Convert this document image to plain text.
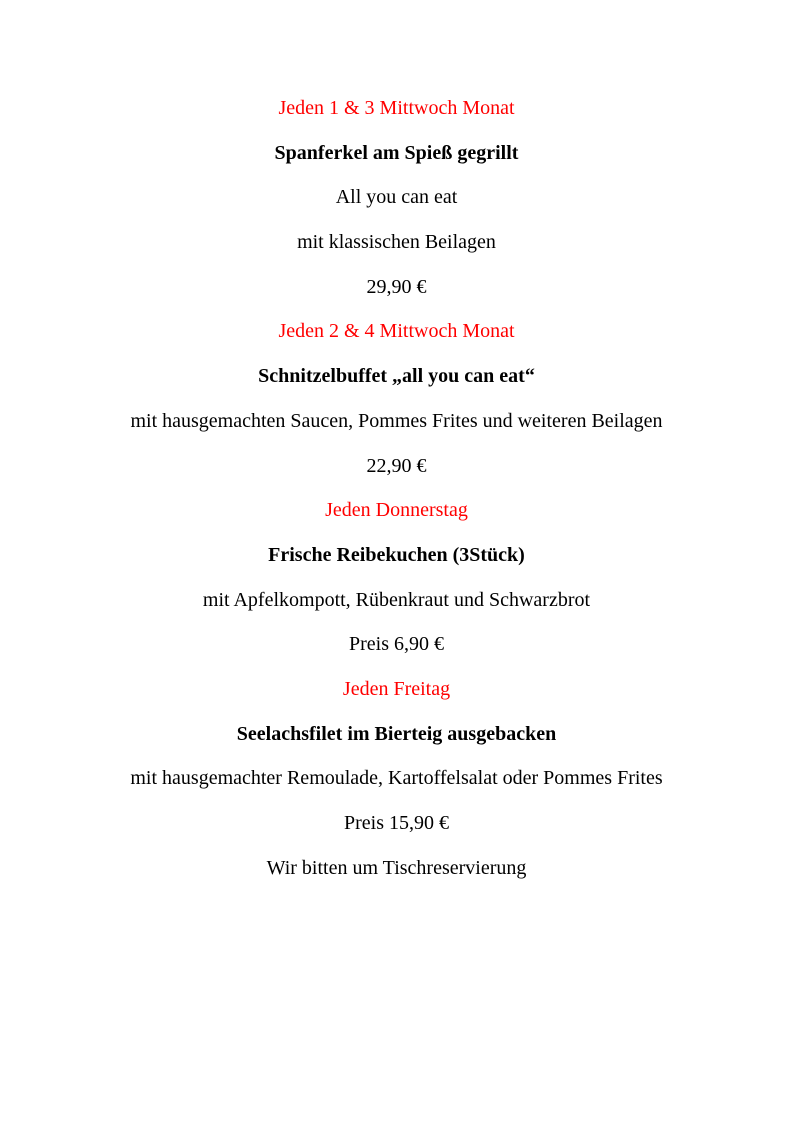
Jeden 1 & 3 Mittwoch Monat
Spanferkel am Spieß gegrillt
All you can eat
mit klassischen Beilagen
29,90 €
Jeden 2 & 4 Mittwoch Monat
Schnitzelbuffet „all you can eat“
mit hausgemachten Saucen, Pommes Frites und weiteren Beilagen
22,90 €
Jeden Donnerstag
Frische Reibekuchen (3Stück)
mit Apfelkompott, Rübenkraut und Schwarzbrot
Preis 6,90 €
Jeden Freitag
Seelachsfilet im Bierteig ausgebacken
mit hausgemachter Remoulade, Kartoffelsalat oder Pommes Frites
Preis 15,90 €
Wir bitten um Tischreservierung
